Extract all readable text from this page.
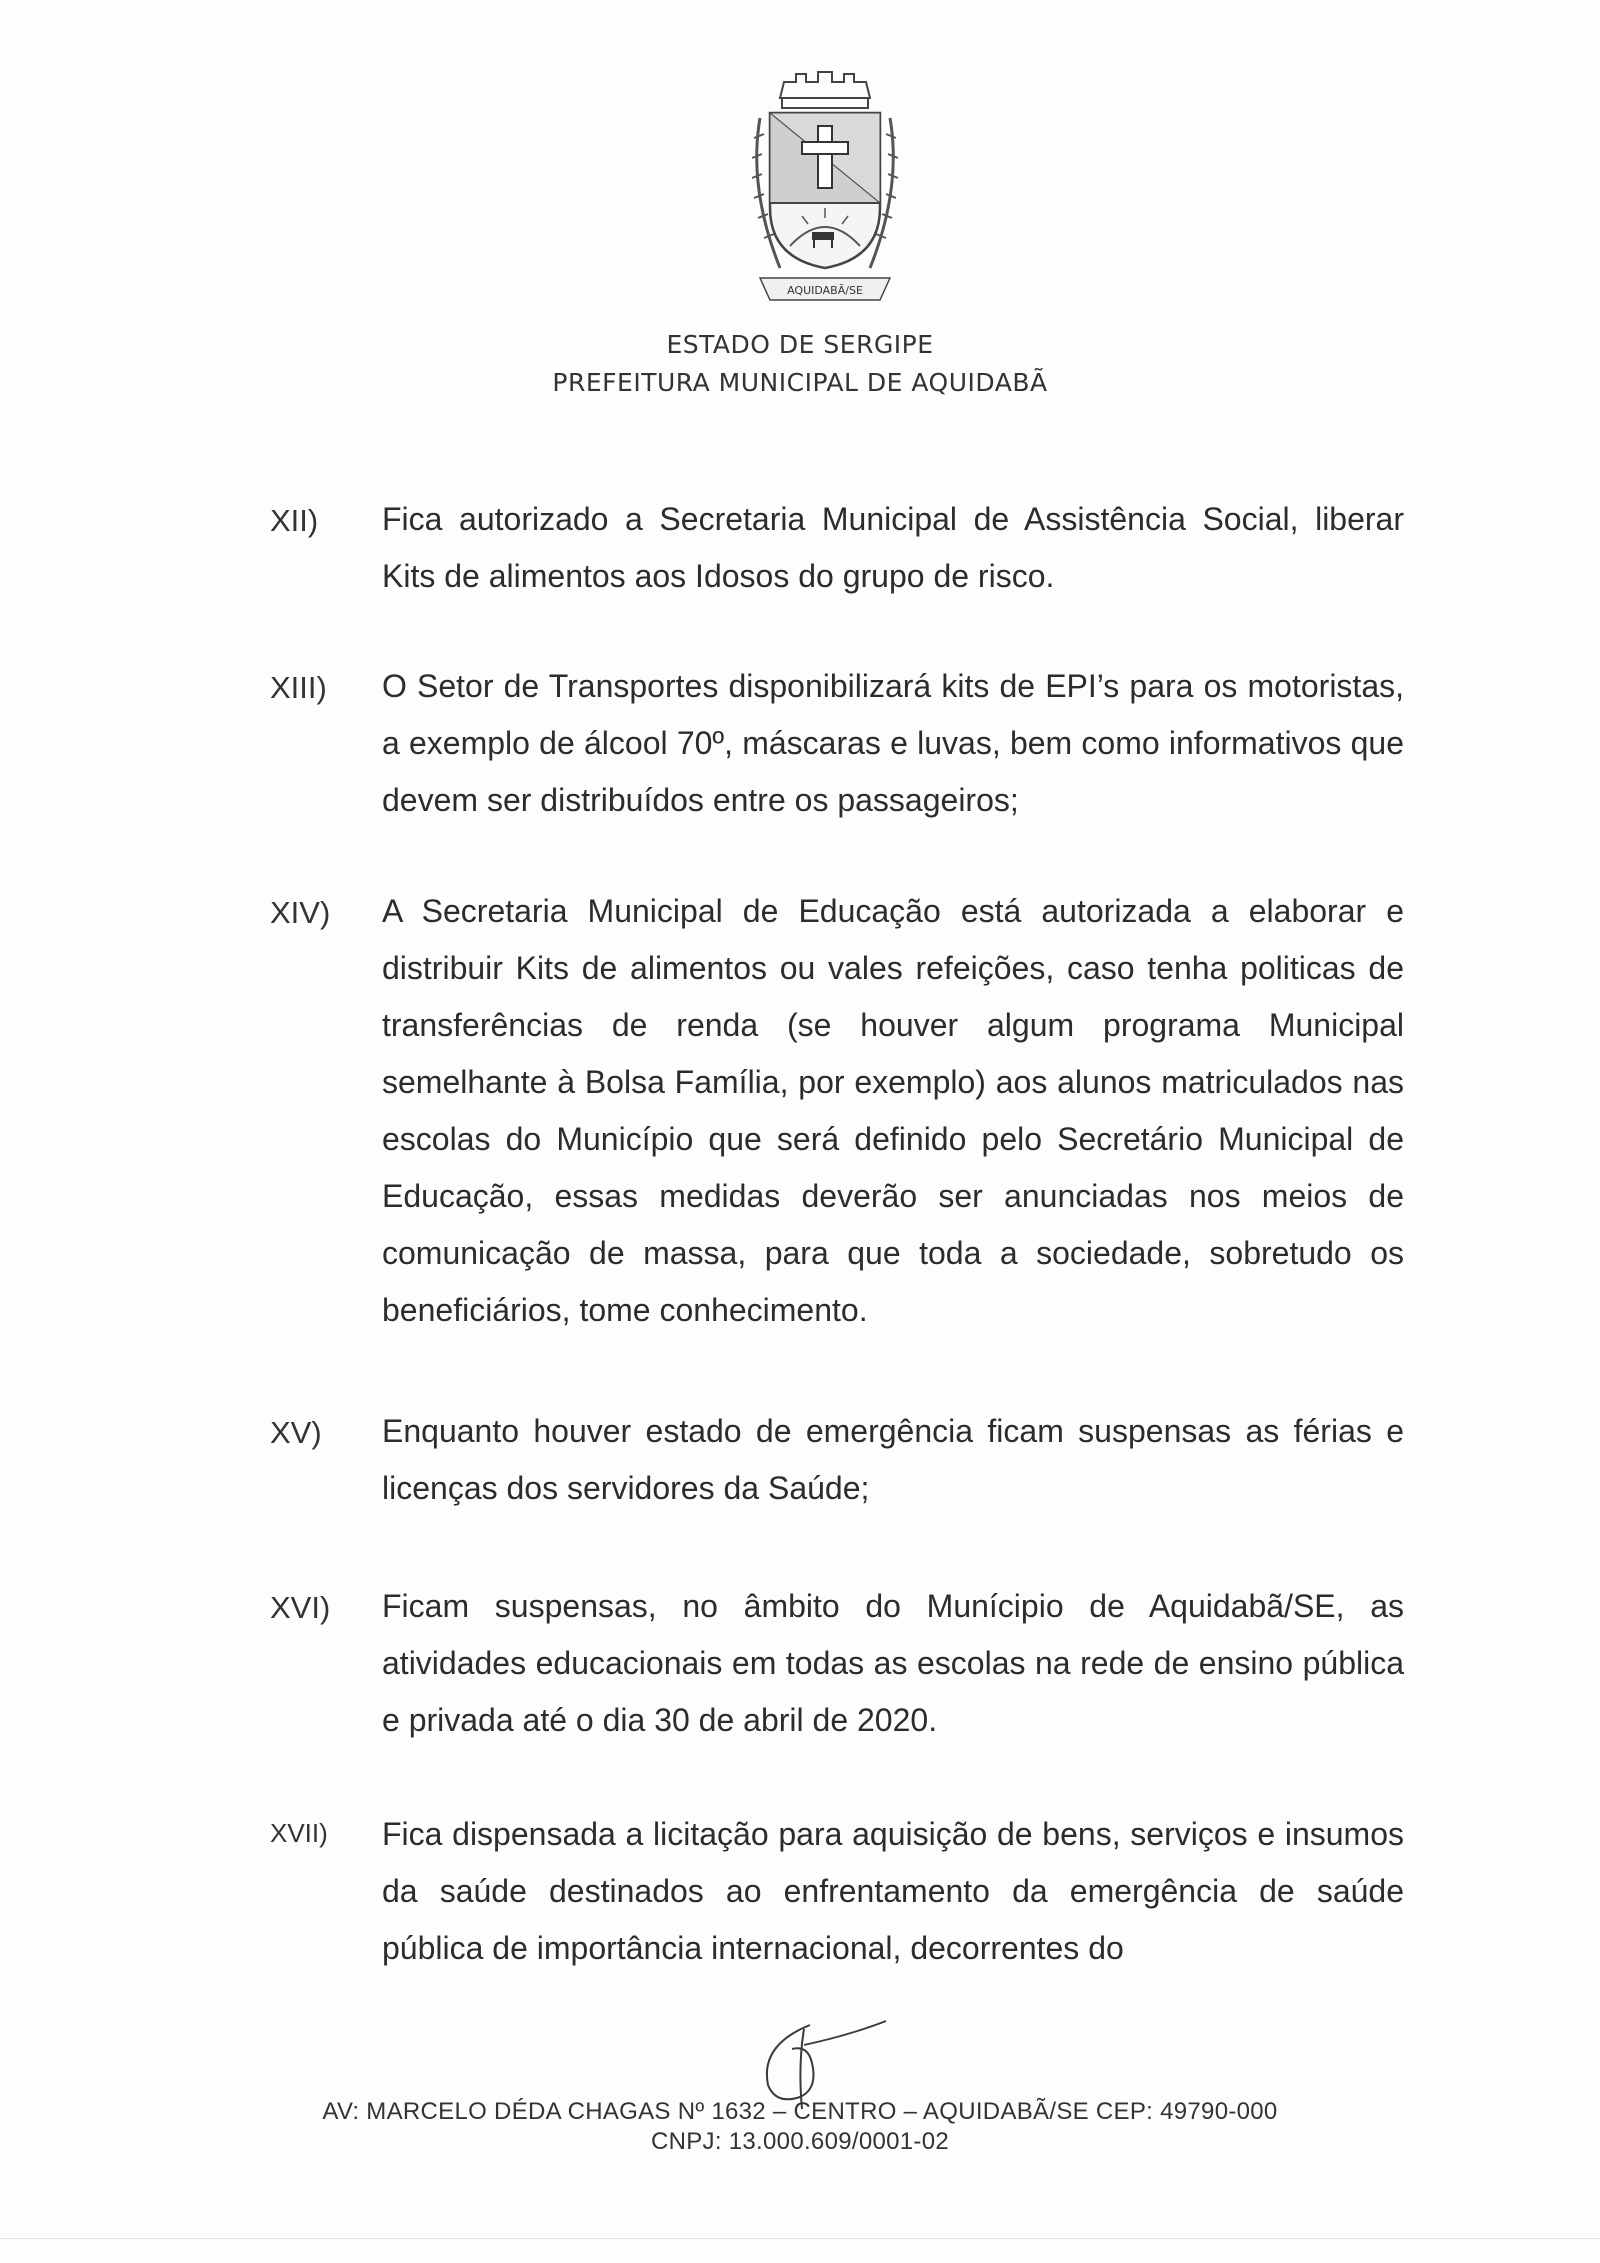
AQUIDABÃ/SE
ESTADO DE SERGIPE
PREFEITURA MUNICIPAL DE AQUIDABÃ
XII)	Fica autorizado a Secretaria Municipal de Assistência Social, liberar Kits de alimentos aos Idosos do grupo de risco.
XIII)	O Setor de Transportes disponibilizará kits de EPI’s para os motoristas, a exemplo de álcool 70º, máscaras e luvas, bem como informativos que devem ser distribuídos entre os passageiros;
XIV)	A Secretaria Municipal de Educação está autorizada a elaborar e distribuir Kits de alimentos ou vales refeições, caso tenha politicas de transferências de renda (se houver algum programa Municipal semelhante à Bolsa Família, por exemplo) aos alunos matriculados nas escolas do Município que será definido pelo Secretário Municipal de Educação, essas medidas deverão ser anunciadas nos meios de comunicação de massa, para que toda a sociedade, sobretudo os beneficiários, tome conhecimento.
XV)	Enquanto houver estado de emergência ficam suspensas as férias e licenças dos servidores da Saúde;
XVI)	Ficam suspensas, no âmbito do Munícipio de Aquidabã/SE, as atividades educacionais em todas as escolas na rede de ensino pública e privada até o dia 30 de abril de 2020.
XVII)	Fica dispensada a licitação para aquisição de bens, serviços e insumos da saúde destinados ao enfrentamento da emergência de saúde pública de importância internacional, decorrentes do
AV: MARCELO DÉDA CHAGAS Nº 1632 – CENTRO – AQUIDABÃ/SE CEP: 49790-000
CNPJ: 13.000.609/0001-02
